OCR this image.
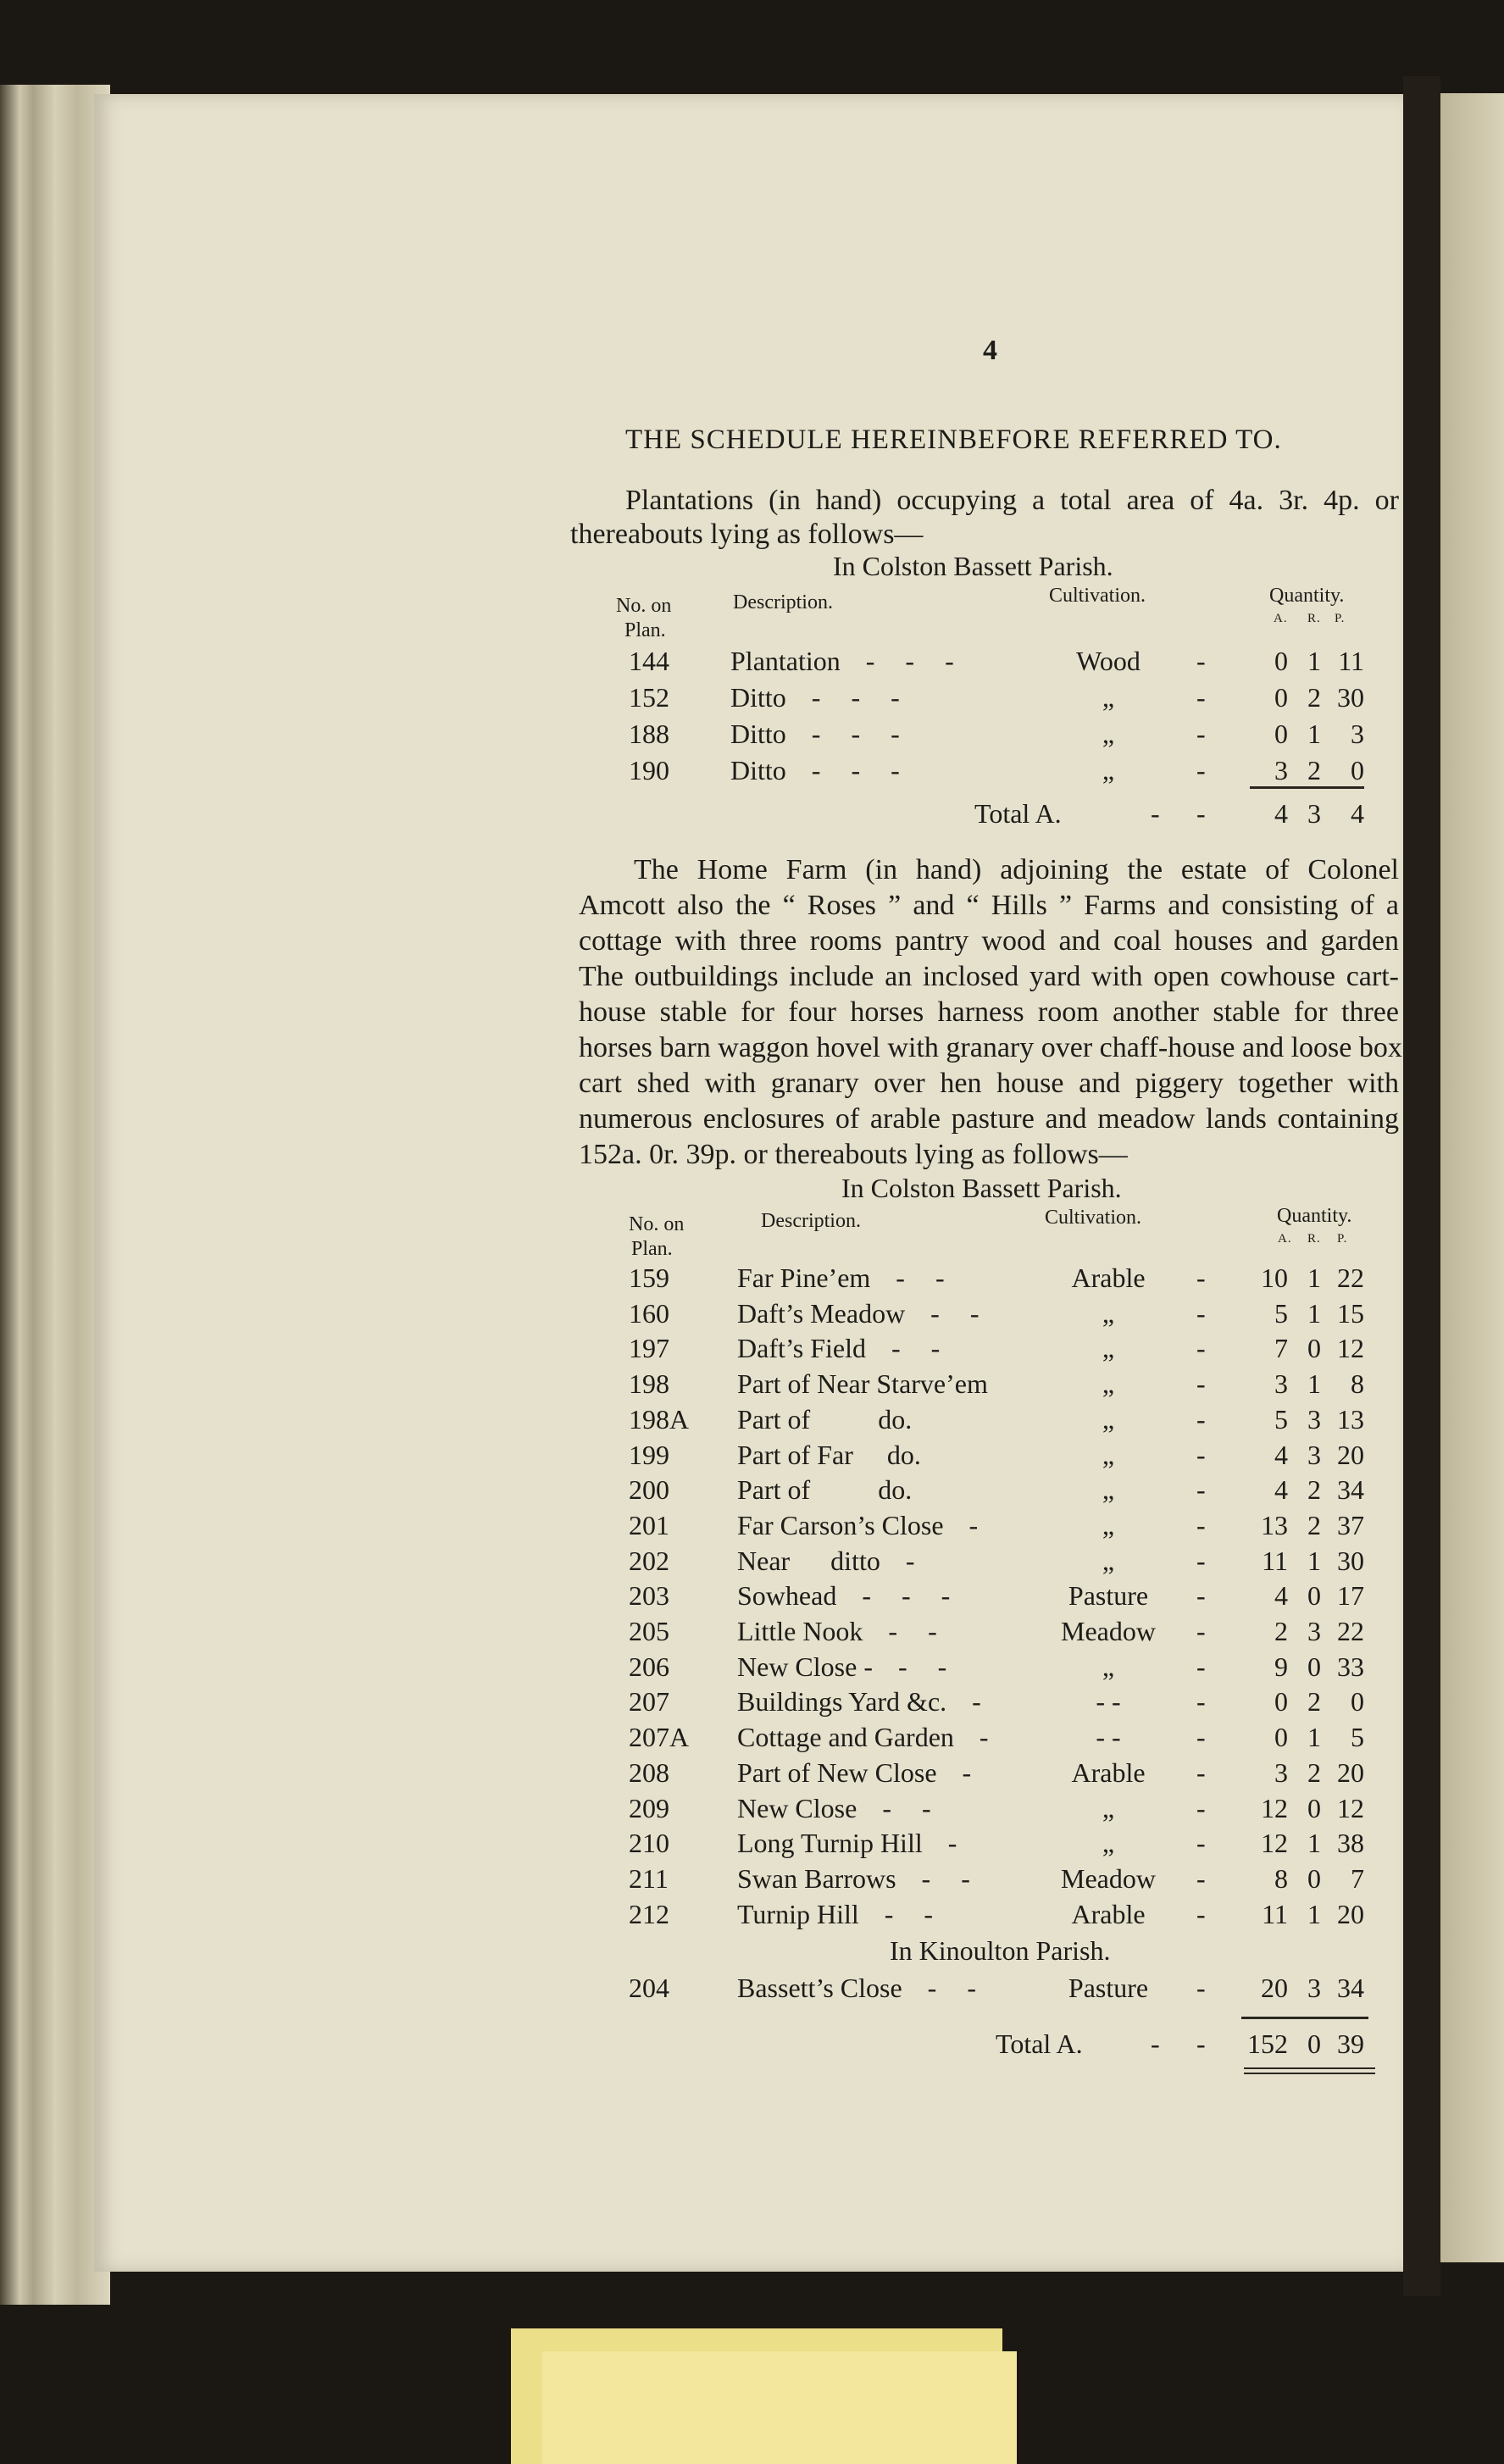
4
THE SCHEDULE HEREINBEFORE REFERRED TO.
Plantations (in hand) occupying a total area of 4a. 3r. 4p. or
thereabouts lying as follows—
In Colston Bassett Parish.
No. on
Plan.
Description.	Cultivation.	Quantity.
A. R. P.
144 Plantation - - -	Wood	-	0 1 11
152 Ditto - - -	„	-	0 2 30
188 Ditto - - -	„	-	0 1	3
190 Ditto - - -	„	-	3 2	0
Total A.	- -	4 3	4
The Home Farm (in hand) adjoining the estate of Colonel
Amcott also the “ Roses ” and “ Hills ” Farms and consisting of a
cottage with three rooms pantry wood and coal houses and garden
The outbuildings include an inclosed yard with open cowhouse cart-
house stable for four horses harness room another stable for three
horses barn waggon hovel with granary over chaff-house and loose box
cart shed with granary over hen house and piggery together with
numerous enclosures of arable pasture and meadow lands containing
152a. 0r. 39p. or thereabouts lying as follows—
In Colston Bassett Parish.
No. on
Plan.
Description.	Cultivation.	Quantity.
A. R. P.
159	Far Pine’em - -	Arable	-	10 1 22
160	Daft’s Meadow - -	„	-	5 1 15
197	Daft’s Field - -	„	-	7 0 12
198	Part of Near Starve’em	„	-	3 1	8
198A Part of          do.	„	-	5 3 13
199	Part of Far     do.	„	-	4 3 20
200	Part of          do.	„	-	4 2 34
201	Far Carson’s Close -	„	-	13 2 37
202	Near      ditto -	„	-	11 1 30
203	Sowhead - - -	Pasture	-	4 0 17
205	Little Nook - -	Meadow -	2 3 22
206	New Close - - -	„	-	9 0 33
207	Buildings Yard &c. -	- -	-	0 2	0
207A Cottage and Garden -	- -	-	0 1	5
208	Part of New Close -	Arable	-	3 2 20
209	New Close - -	„	-	12 0 12
210	Long Turnip Hill -	„	-	12 1 38
211	Swan Barrows - -	Meadow -	8 0	7
212	Turnip Hill - -	Arable	-	11 1 20
In Kinoulton Parish.
204	Bassett’s Close - -	Pasture	-	20 3 34
Total A.	- - 152 0 39
